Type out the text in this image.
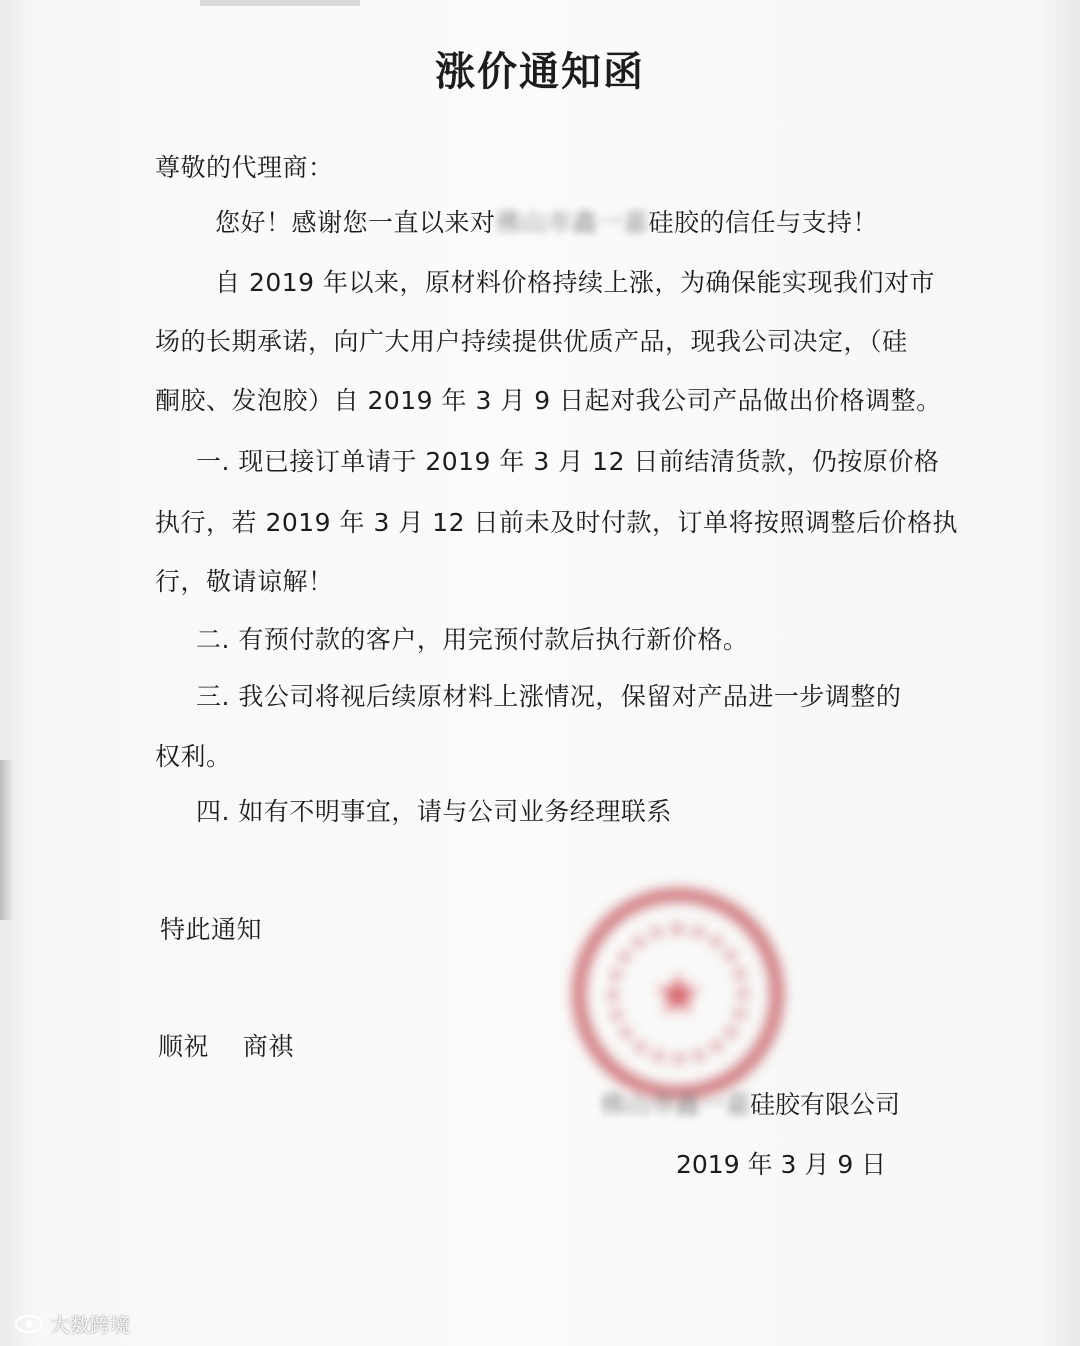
涨价通知函
尊敬的代理商：
您好！感谢您一直以来对佛山市鑫一嘉硅胶的信任与支持！
自 2019 年以来，原材料价格持续上涨，为确保能实现我们对市
场的长期承诺，向广大用户持续提供优质产品，现我公司决定，（硅
酮胶、发泡胶）自 2019 年 3 月 9 日起对我公司产品做出价格调整。
一. 现已接订单请于 2019 年 3 月 12 日前结清货款，仍按原价格
执行，若 2019 年 3 月 12 日前未及时付款，订单将按照调整后价格执
行，敬请谅解！
二. 有预付款的客户，用完预付款后执行新价格。
三. 我公司将视后续原材料上涨情况，保留对产品进一步调整的
权利。
四. 如有不明事宜，请与公司业务经理联系
特此通知
顺祝    商祺
★
佛山市鑫一嘉硅胶有限公司
2019 年 3 月 9 日
大数跨境
